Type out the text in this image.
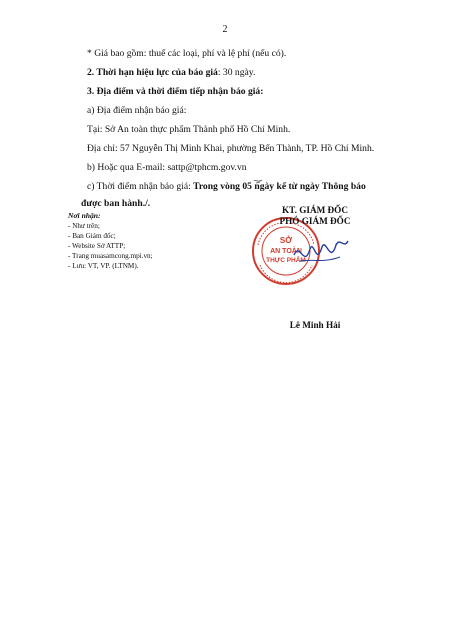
2
* Giá bao gồm: thuế các loại, phí và lệ phí (nếu có).
2. Thời hạn hiệu lực của báo giá: 30 ngày.
3. Địa điểm và thời điểm tiếp nhận báo giá:
a) Địa điểm nhận báo giá:
Tại: Sở An toàn thực phẩm Thành phố Hồ Chí Minh.
Địa chỉ: 57 Nguyễn Thị Minh Khai, phường Bến Thành, TP. Hồ Chí Minh.
b) Hoặc qua E-mail: sattp@tphcm.gov.vn
c) Thời điểm nhận báo giá: Trong vòng 05 ngày kể từ ngày Thông báo
được ban hành./.
Nơi nhận:
- Như trên;
- Ban Giám đốc;
- Website Sở ATTP;
- Trang muasamcong.mpi.vn;
- Lưu: VT, VP. (LTNM).
SỞ
AN TOÀN
THỰC PHẨM
KT. GIÁM ĐỐC
PHÓ GIÁM ĐỐC
Lê Minh Hải
